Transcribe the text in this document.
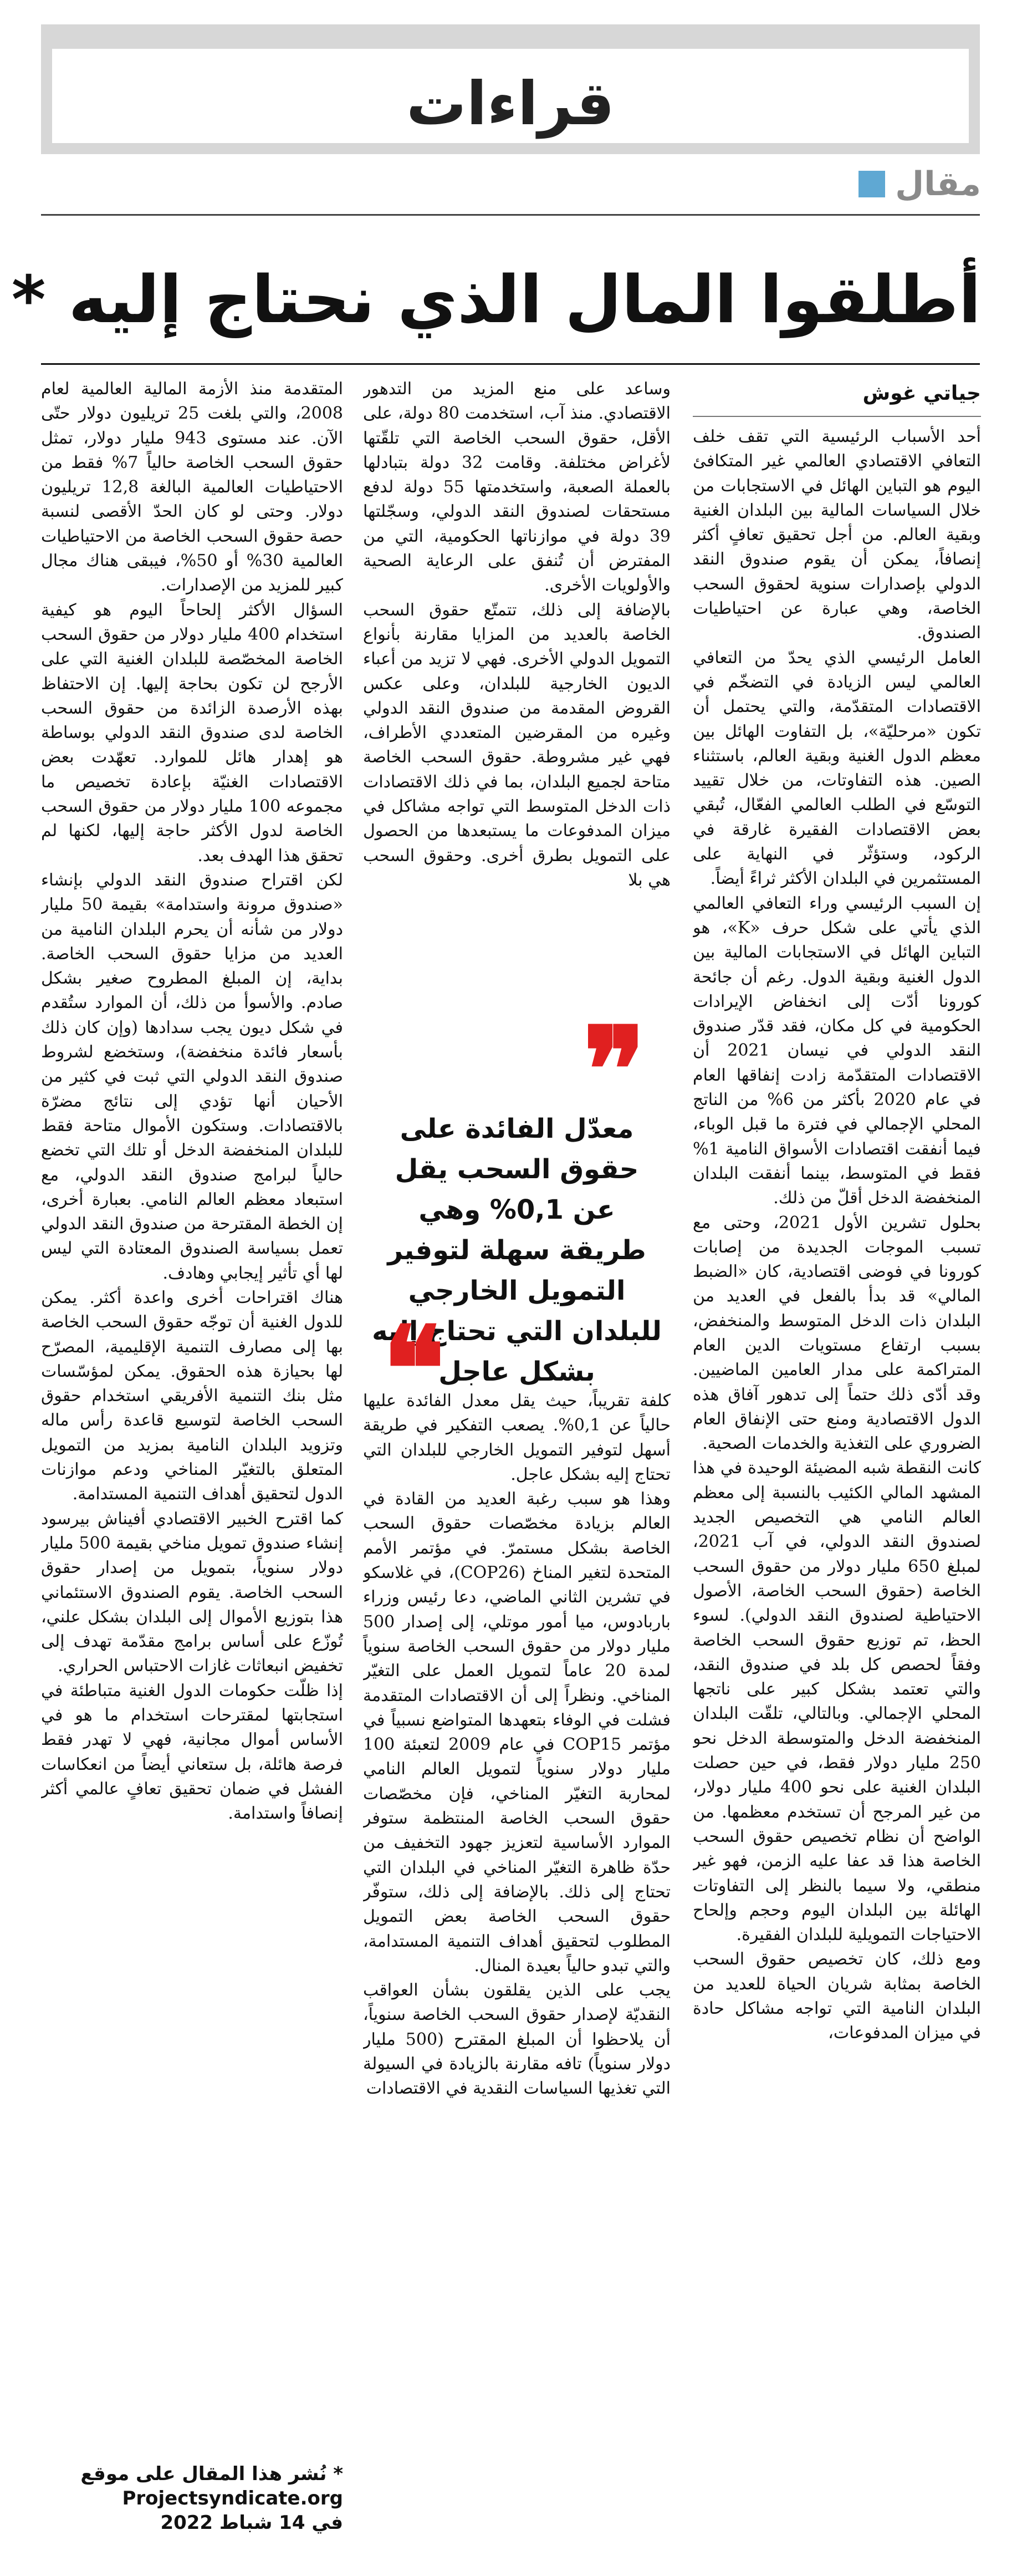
قراءات
مقال
أطلقوا المال الذي نحتاج إليه *
جياتي غوش

أحد الأسباب الرئيسية التي تقف خلف التعافي الاقتصادي العالمي غير المتكافئ اليوم هو التباين الهائل في الاستجابات من خلال السياسات المالية بين البلدان الغنية وبقية العالم. من أجل تحقيق تعافٍ أكثر إنصافاً، يمكن أن يقوم صندوق النقد الدولي بإصدارات سنوية لحقوق السحب الخاصة، وهي عبارة عن احتياطيات الصندوق.

العامل الرئيسي الذي يحدّ من التعافي العالمي ليس الزيادة في التضخّم في الاقتصادات المتقدّمة، والتي يحتمل أن تكون «مرحليّة»، بل التفاوت الهائل بين معظم الدول الغنية وبقية العالم، باستثناء الصين. هذه التفاوتات، من خلال تقييد التوسّع في الطلب العالمي الفعّال، تُبقي بعض الاقتصادات الفقيرة غارقة في الركود، وستؤثّر في النهاية على المستثمرين في البلدان الأكثر ثراءً أيضاً.

إن السبب الرئيسي وراء التعافي العالمي الذي يأتي على شكل حرف «K»، هو التباين الهائل في الاستجابات المالية بين الدول الغنية وبقية الدول. رغم أن جائحة كورونا أدّت إلى انخفاض الإيرادات الحكومية في كل مكان، فقد قدّر صندوق النقد الدولي في نيسان 2021 أن الاقتصادات المتقدّمة زادت إنفاقها العام في عام 2020 بأكثر من 6% من الناتج المحلي الإجمالي في فترة ما قبل الوباء، فيما أنفقت اقتصادات الأسواق النامية 1% فقط في المتوسط، بينما أنفقت البلدان المنخفضة الدخل أقلّ من ذلك.

بحلول تشرين الأول 2021، وحتى مع تسبب الموجات الجديدة من إصابات كورونا في فوضى اقتصادية، كان «الضبط المالي» قد بدأ بالفعل في العديد من البلدان ذات الدخل المتوسط والمنخفض، بسبب ارتفاع مستويات الدين العام المتراكمة على مدار العامين الماضيين. وقد أدّى ذلك حتماً إلى تدهور آفاق هذه الدول الاقتصادية ومنع حتى الإنفاق العام الضروري على التغذية والخدمات الصحية.

كانت النقطة شبه المضيئة الوحيدة في هذا المشهد المالي الكئيب بالنسبة إلى معظم العالم النامي هي التخصيص الجديد لصندوق النقد الدولي، في آب 2021، لمبلغ 650 مليار دولار من حقوق السحب الخاصة (حقوق السحب الخاصة، الأصول الاحتياطية لصندوق النقد الدولي). لسوء الحظ، تم توزيع حقوق السحب الخاصة وفقاً لحصص كل بلد في صندوق النقد، والتي تعتمد بشكل كبير على ناتجها المحلي الإجمالي. وبالتالي، تلقّت البلدان المنخفضة الدخل والمتوسطة الدخل نحو 250 مليار دولار فقط، في حين حصلت البلدان الغنية على نحو 400 مليار دولار، من غير المرجح أن تستخدم معظمها. من الواضح أن نظام تخصيص حقوق السحب الخاصة هذا قد عفا عليه الزمن، فهو غير منطقي، ولا سيما بالنظر إلى التفاوتات الهائلة بين البلدان اليوم وحجم وإلحاح الاحتياجات التمويلية للبلدان الفقيرة.

ومع ذلك، كان تخصيص حقوق السحب الخاصة بمثابة شريان الحياة للعديد من البلدان النامية التي تواجه مشاكل حادة في ميزان المدفوعات،

وساعد على منع المزيد من التدهور الاقتصادي. منذ آب، استخدمت 80 دولة، على الأقل، حقوق السحب الخاصة التي تلقّتها لأغراض مختلفة. وقامت 32 دولة بتبادلها بالعملة الصعبة، واستخدمتها 55 دولة لدفع مستحقات لصندوق النقد الدولي، وسجّلتها 39 دولة في موازناتها الحكومية، التي من المفترض أن تُنفق على الرعاية الصحية والأولويات الأخرى.

بالإضافة إلى ذلك، تتمتّع حقوق السحب الخاصة بالعديد من المزايا مقارنة بأنواع التمويل الدولي الأخرى. فهي لا تزيد من أعباء الديون الخارجية للبلدان، وعلى عكس القروض المقدمة من صندوق النقد الدولي وغيره من المقرضين المتعددي الأطراف، فهي غير مشروطة. حقوق السحب الخاصة متاحة لجميع البلدان، بما في ذلك الاقتصادات ذات الدخل المتوسط التي تواجه مشاكل في ميزان المدفوعات ما يستبعدها من الحصول على التمويل بطرق أخرى. وحقوق السحب هي بلا

❞
معدّل الفائدة على حقوق السحب يقل عن 0,1% وهي طريقة سهلة لتوفير التمويل الخارجي للبلدان التي تحتاج إليه بشكل عاجل
❝

كلفة تقريباً، حيث يقل معدل الفائدة عليها حالياً عن 0,1%. يصعب التفكير في طريقة أسهل لتوفير التمويل الخارجي للبلدان التي تحتاج إليه بشكل عاجل.

وهذا هو سبب رغبة العديد من القادة في العالم بزيادة مخصّصات حقوق السحب الخاصة بشكل مستمرّ. في مؤتمر الأمم المتحدة لتغير المناخ (COP26)، في غلاسكو في تشرين الثاني الماضي، دعا رئيس وزراء باربادوس، ميا أمور موتلي، إلى إصدار 500 مليار دولار من حقوق السحب الخاصة سنوياً لمدة 20 عاماً لتمويل العمل على التغيّر المناخي. ونظراً إلى أن الاقتصادات المتقدمة فشلت في الوفاء بتعهدها المتواضع نسبياً في مؤتمر COP15 في عام 2009 لتعبئة 100 مليار دولار سنوياً لتمويل العالم النامي لمحاربة التغيّر المناخي، فإن مخصّصات حقوق السحب الخاصة المنتظمة ستوفر الموارد الأساسية لتعزيز جهود التخفيف من حدّة ظاهرة التغيّر المناخي في البلدان التي تحتاج إلى ذلك. بالإضافة إلى ذلك، ستوفّر حقوق السحب الخاصة بعض التمويل المطلوب لتحقيق أهداف التنمية المستدامة، والتي تبدو حالياً بعيدة المنال.

يجب على الذين يقلقون بشأن العواقب النقديّة لإصدار حقوق السحب الخاصة سنوياً، أن يلاحظوا أن المبلغ المقترح (500 مليار دولار سنوياً) تافه مقارنة بالزيادة في السيولة التي تغذيها السياسات النقدية في الاقتصادات

المتقدمة منذ الأزمة المالية العالمية لعام 2008، والتي بلغت 25 تريليون دولار حتّى الآن. عند مستوى 943 مليار دولار، تمثل حقوق السحب الخاصة حالياً 7% فقط من الاحتياطيات العالمية البالغة 12,8 تريليون دولار. وحتى لو كان الحدّ الأقصى لنسبة حصة حقوق السحب الخاصة من الاحتياطيات العالمية 30% أو 50%، فيبقى هناك مجال كبير للمزيد من الإصدارات.

السؤال الأكثر إلحاحاً اليوم هو كيفية استخدام 400 مليار دولار من حقوق السحب الخاصة المخصّصة للبلدان الغنية التي على الأرجح لن تكون بحاجة إليها. إن الاحتفاظ بهذه الأرصدة الزائدة من حقوق السحب الخاصة لدى صندوق النقد الدولي بوساطة هو إهدار هائل للموارد. تعهّدت بعض الاقتصادات الغنيّة بإعادة تخصيص ما مجموعه 100 مليار دولار من حقوق السحب الخاصة لدول الأكثر حاجة إليها، لكنها لم تحقق هذا الهدف بعد.

لكن اقتراح صندوق النقد الدولي بإنشاء «صندوق مرونة واستدامة» بقيمة 50 مليار دولار من شأنه أن يحرم البلدان النامية من العديد من مزايا حقوق السحب الخاصة. بداية، إن المبلغ المطروح صغير بشكل صادم. والأسوأ من ذلك، أن الموارد ستُقدم في شكل ديون يجب سدادها (وإن كان ذلك بأسعار فائدة منخفضة)، وستخضع لشروط صندوق النقد الدولي التي ثبت في كثير من الأحيان أنها تؤدي إلى نتائج مضرّة بالاقتصادات. وستكون الأموال متاحة فقط للبلدان المنخفضة الدخل أو تلك التي تخضع حالياً لبرامج صندوق النقد الدولي، مع استبعاد معظم العالم النامي. بعبارة أخرى، إن الخطة المقترحة من صندوق النقد الدولي تعمل بسياسة الصندوق المعتادة التي ليس لها أي تأثير إيجابي وهادف.

هناك اقتراحات أخرى واعدة أكثر. يمكن للدول الغنية أن توجّه حقوق السحب الخاصة بها إلى مصارف التنمية الإقليمية، المصرّح لها بحيازة هذه الحقوق. يمكن لمؤسّسات مثل بنك التنمية الأفريقي استخدام حقوق السحب الخاصة لتوسيع قاعدة رأس ماله وتزويد البلدان النامية بمزيد من التمويل المتعلق بالتغيّر المناخي ودعم موازنات الدول لتحقيق أهداف التنمية المستدامة.

كما اقترح الخبير الاقتصادي أفيناش بيرسود إنشاء صندوق تمويل مناخي بقيمة 500 مليار دولار سنوياً، بتمويل من إصدار حقوق السحب الخاصة. يقوم الصندوق الاستئماني هذا بتوزيع الأموال إلى البلدان بشكل علني، تُوزّع على أساس برامج مقدّمة تهدف إلى تخفيض انبعاثات غازات الاحتباس الحراري.

إذا ظلّت حكومات الدول الغنية متباطئة في استجابتها لمقترحات استخدام ما هو في الأساس أموال مجانية، فهي لا تهدر فقط فرصة هائلة، بل ستعاني أيضاً من انعكاسات الفشل في ضمان تحقيق تعافٍ عالمي أكثر إنصافاً واستدامة.

* نُشر هذا المقال على موقع
Projectsyndicate.org
في 14 شباط 2022
